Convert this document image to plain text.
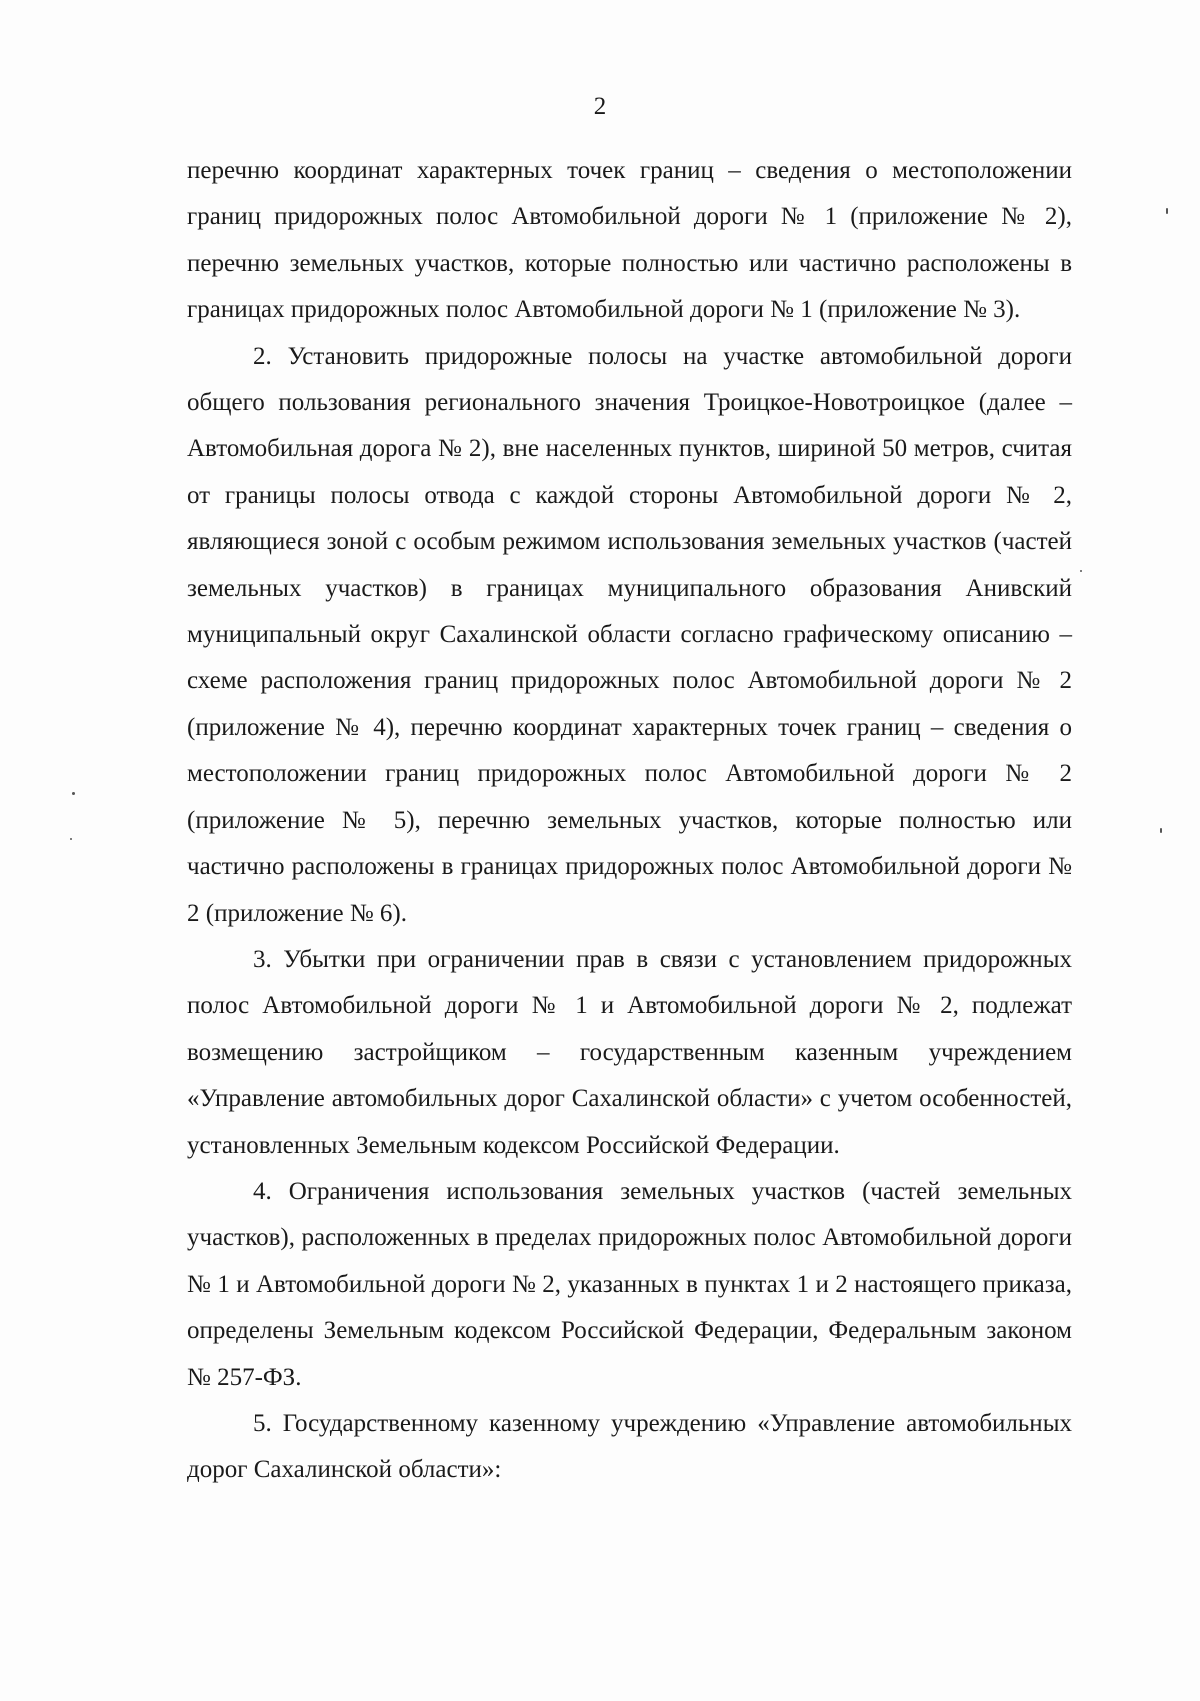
2

перечню координат характерных точек границ – сведения о местоположении границ придорожных полос Автомобильной дороги № 1 (приложение № 2), перечню земельных участков, которые полностью или частично расположены в границах придорожных полос Автомобильной дороги № 1 (приложение № 3).

2. Установить придорожные полосы на участке автомобильной дороги общего пользования регионального значения Троицкое-Новотроицкое (далее – Автомобильная дорога № 2), вне населенных пунктов, шириной 50 метров, считая от границы полосы отвода с каждой стороны Автомобильной дороги № 2, являющиеся зоной с особым режимом использования земельных участков (частей земельных участков) в границах муниципального образования Анивский муниципальный округ Сахалинской области согласно графическому описанию – схеме расположения границ придорожных полос Автомобильной дороги № 2 (приложение № 4), перечню координат характерных точек границ – сведения о местоположении границ придорожных полос Автомобильной дороги № 2 (приложение № 5), перечню земельных участков, которые полностью или частично расположены в границах придорожных полос Автомобильной дороги № 2 (приложение № 6).

3. Убытки при ограничении прав в связи с установлением придорожных полос Автомобильной дороги № 1 и Автомобильной дороги № 2, подлежат возмещению застройщиком – государственным казенным учреждением «Управление автомобильных дорог Сахалинской области» с учетом особенностей, установленных Земельным кодексом Российской Федерации.

4. Ограничения использования земельных участков (частей земельных участков), расположенных в пределах придорожных полос Автомобильной дороги № 1 и Автомобильной дороги № 2, указанных в пунктах 1 и 2 настоящего приказа, определены Земельным кодексом Российской Федерации, Федеральным законом № 257-ФЗ.

5. Государственному казенному учреждению «Управление автомобильных дорог Сахалинской области»:
